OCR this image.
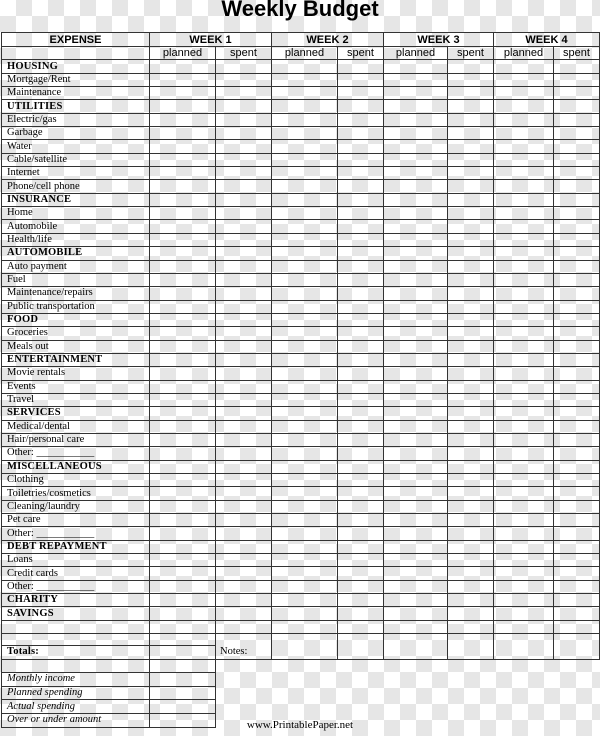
Weekly Budget
EXPENSE	WEEK 1		WEEK 2		WEEK 3		WEEK 4	
	planned	spent	planned	spent	planned	spent	planned	spent
HOUSING								
Mortgage/Rent								
Maintenance								
UTILITIES								
Electric/gas								
Garbage								
Water								
Cable/satellite								
Internet								
Phone/cell phone								
INSURANCE								
Home								
Automobile								
Health/life								
AUTOMOBILE								
Auto payment								
Fuel								
Maintenance/repairs								
Public transportation								
FOOD								
Groceries								
Meals out								
ENTERTAINMENT								
Movie rentals								
Events								
Travel								
SERVICES								
Medical/dental								
Hair/personal care								
Other: ___________								
MISCELLANEOUS								
Clothing								
Toiletries/cosmetics								
Cleaning/laundry								
Pet care								
Other: ___________								
DEBT REPAYMENT								
Loans								
Credit cards								
Other: ___________								
CHARITY								
SAVINGS								

Totals:								
			Notes:

Monthly income		
Planned spending		
Actual spending		
Over or under amount			www.PrintablePaper.net
